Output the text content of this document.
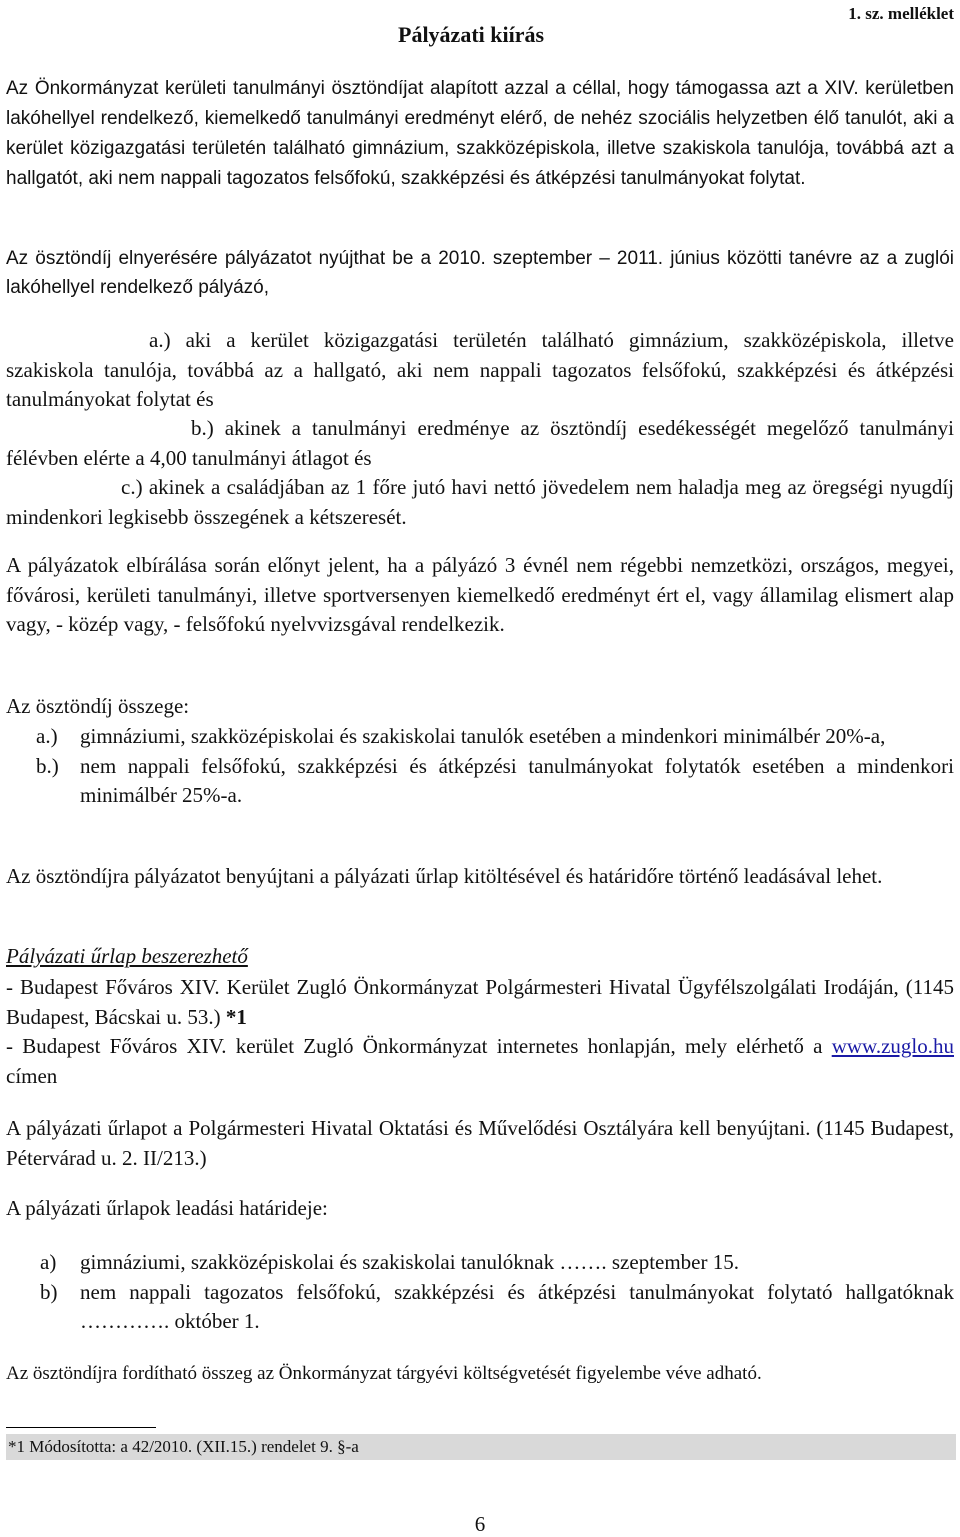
1. sz. melléklet
Pályázati kiírás
Az Önkormányzat kerületi tanulmányi ösztöndíjat alapított azzal a céllal, hogy támogassa azt a XIV. kerületben lakóhellyel rendelkező, kiemelkedő tanulmányi eredményt elérő, de nehéz szociális helyzetben élő tanulót, aki a kerület közigazgatási területén található gimnázium, szakközépiskola, illetve szakiskola tanulója, továbbá azt a hallgatót, aki nem nappali tagozatos felsőfokú, szakképzési és átképzési tanulmányokat folytat.
Az ösztöndíj elnyerésére pályázatot nyújthat be a 2010. szeptember – 2011. június közötti tanévre az a zuglói lakóhellyel rendelkező pályázó,
a.) aki a kerület közigazgatási területén található gimnázium, szakközépiskola, illetve szakiskola tanulója, továbbá az a hallgató, aki nem nappali tagozatos felsőfokú, szakképzési és átképzési tanulmányokat folytat és
b.) akinek a tanulmányi eredménye az ösztöndíj esedékességét megelőző tanulmányi félévben elérte a 4,00 tanulmányi átlagot és
c.) akinek a családjában az 1 főre jutó havi nettó jövedelem nem haladja meg az öregségi nyugdíj mindenkori legkisebb összegének a kétszeresét.
A pályázatok elbírálása során előnyt jelent, ha a pályázó 3 évnél nem régebbi nemzetközi, országos, megyei, fővárosi, kerületi tanulmányi, illetve sportversenyen kiemelkedő eredményt ért el, vagy államilag elismert alap vagy, - közép vagy, - felsőfokú nyelvvizsgával rendelkezik.
Az ösztöndíj összege:
a.)	gimnáziumi, szakközépiskolai és szakiskolai tanulók esetében a mindenkori minimálbér 20%-a,
b.)	nem nappali felsőfokú, szakképzési és átképzési tanulmányokat folytatók esetében a mindenkori minimálbér 25%-a.
Az ösztöndíjra pályázatot benyújtani a pályázati űrlap kitöltésével és határidőre történő leadásával lehet.
Pályázati űrlap beszerezhető
- Budapest Főváros XIV. Kerület Zugló Önkormányzat Polgármesteri Hivatal Ügyfélszolgálati Irodáján, (1145 Budapest, Bácskai u. 53.) *1
- Budapest Főváros XIV. kerület Zugló Önkormányzat internetes honlapján, mely elérhető a www.zuglo.hu címen
A pályázati űrlapot a Polgármesteri Hivatal Oktatási és Művelődési Osztályára kell benyújtani. (1145 Budapest, Pétervárad u. 2. II/213.)
A pályázati űrlapok leadási határideje:
a)	gimnáziumi, szakközépiskolai és szakiskolai tanulóknak ……. szeptember 15.
b)	nem nappali tagozatos felsőfokú, szakképzési és átképzési tanulmányokat folytató hallgatóknak …………. október 1.
Az ösztöndíjra fordítható összeg az Önkormányzat tárgyévi költségvetését figyelembe véve adható.
*1 Módosította: a 42/2010. (XII.15.) rendelet 9. §-a
6
